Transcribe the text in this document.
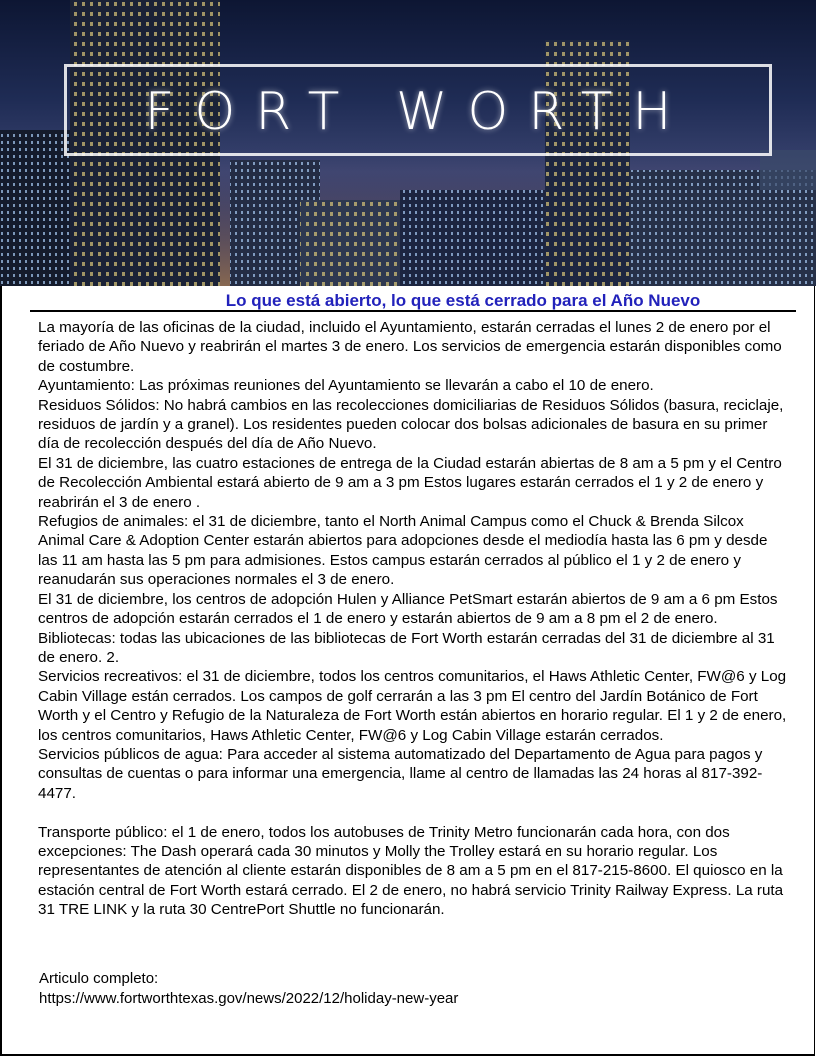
FORT WORTH
Lo que está abierto, lo que está cerrado para el Año Nuevo

La mayoría de las oficinas de la ciudad, incluido el Ayuntamiento, estarán cerradas el lunes 2 de enero por el feriado de Año Nuevo y reabrirán el martes 3 de enero. Los servicios de emergencia estarán disponibles como de costumbre.

Ayuntamiento: Las próximas reuniones del Ayuntamiento se llevarán a cabo el 10 de enero.

Residuos Sólidos: No habrá cambios en las recolecciones domiciliarias de Residuos Sólidos (basura, reciclaje, residuos de jardín y a granel). Los residentes pueden colocar dos bolsas adicionales de basura en su primer día de recolección después del día de Año Nuevo.

El 31 de diciembre, las cuatro estaciones de entrega de la Ciudad estarán abiertas de 8 am a 5 pm y el Centro de Recolección Ambiental estará abierto de 9 am a 3 pm Estos lugares estarán cerrados el 1 y 2 de enero y reabrirán el 3 de enero .

Refugios de animales: el 31 de diciembre, tanto el North Animal Campus como el Chuck & Brenda Silcox Animal Care & Adoption Center estarán abiertos para adopciones desde el mediodía hasta las 6 pm y desde las 11 am hasta las 5 pm para admisiones. Estos campus estarán cerrados al público el 1 y 2 de enero y reanudarán sus operaciones normales el 3 de enero.

El 31 de diciembre, los centros de adopción Hulen y Alliance PetSmart estarán abiertos de 9 am a 6 pm Estos centros de adopción estarán cerrados el 1 de enero y estarán abiertos de 9 am a 8 pm el 2 de enero.

Bibliotecas: todas las ubicaciones de las bibliotecas de Fort Worth estarán cerradas del 31 de diciembre al 31 de enero. 2.

Servicios recreativos: el 31 de diciembre, todos los centros comunitarios, el Haws Athletic Center, FW@6 y Log Cabin Village están cerrados. Los campos de golf cerrarán a las 3 pm El centro del Jardín Botánico de Fort Worth y el Centro y Refugio de la Naturaleza de Fort Worth están abiertos en horario regular. El 1 y 2 de enero, los centros comunitarios, Haws Athletic Center, FW@6 y Log Cabin Village estarán cerrados.

Servicios públicos de agua: Para acceder al sistema automatizado del Departamento de Agua para pagos y consultas de cuentas o para informar una emergencia, llame al centro de llamadas las 24 horas al 817-392-4477.

Transporte público: el 1 de enero, todos los autobuses de Trinity Metro funcionarán cada hora, con dos excepciones: The Dash operará cada 30 minutos y Molly the Trolley estará en su horario regular. Los representantes de atención al cliente estarán disponibles de 8 am a 5 pm en el 817-215-8600. El quiosco en la estación central de Fort Worth estará cerrado. El 2 de enero, no habrá servicio Trinity Railway Express. La ruta 31 TRE LINK y la ruta 30 CentrePort Shuttle no funcionarán.

Articulo completo:

https://www.fortworthtexas.gov/news/2022/12/holiday-new-year
